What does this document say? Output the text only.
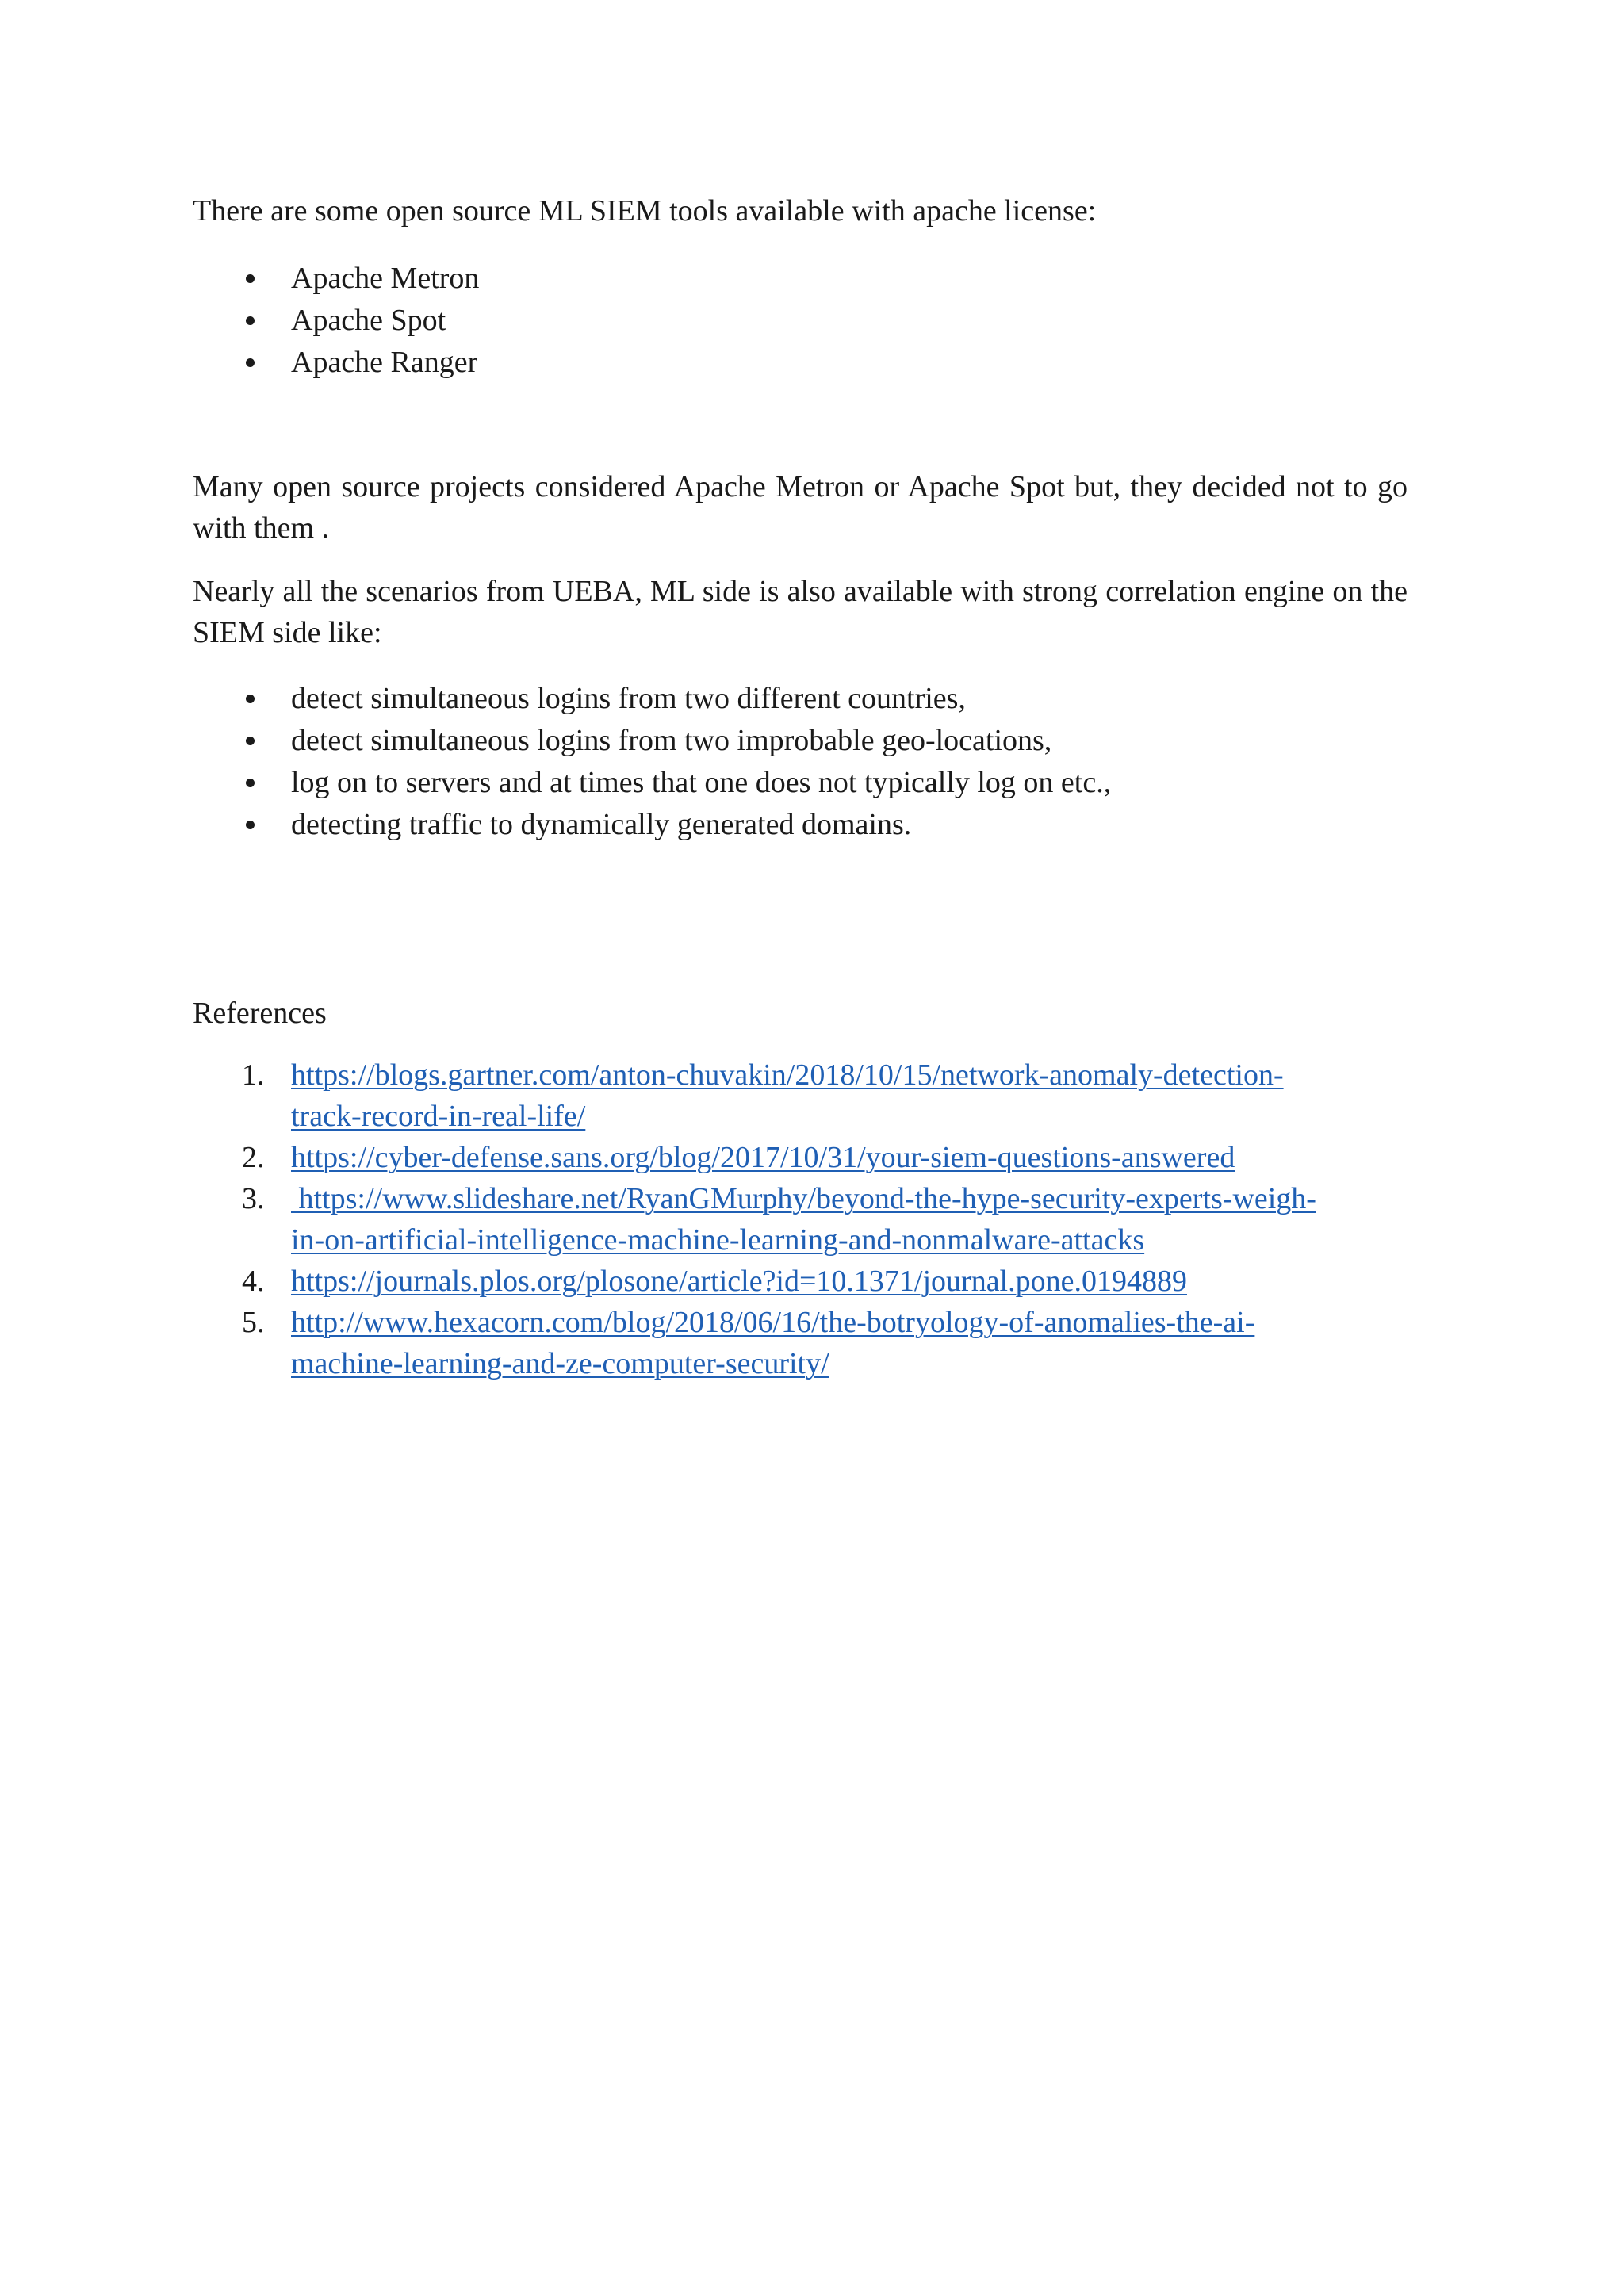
There are some open source ML SIEM tools available with apache license:

Apache Metron
Apache Spot
Apache Ranger

Many open source projects considered Apache Metron or Apache Spot but, they decided not to go with them .

Nearly all the scenarios from UEBA, ML side is also available with strong correlation engine on the SIEM side like:

detect simultaneous logins from two different countries,
detect simultaneous logins from two improbable geo-locations,
log on to servers and at times that one does not typically log on etc.,
detecting traffic to dynamically generated domains.

References

1. https://blogs.gartner.com/anton-chuvakin/2018/10/15/network-anomaly-detection-
track-record-in-real-life/
2. https://cyber-defense.sans.org/blog/2017/10/31/your-siem-questions-answered
3. https://www.slideshare.net/RyanGMurphy/beyond-the-hype-security-experts-weigh-
in-on-artificial-intelligence-machine-learning-and-nonmalware-attacks
4. https://journals.plos.org/plosone/article?id=10.1371/journal.pone.0194889
5. http://www.hexacorn.com/blog/2018/06/16/the-botryology-of-anomalies-the-ai-
machine-learning-and-ze-computer-security/
